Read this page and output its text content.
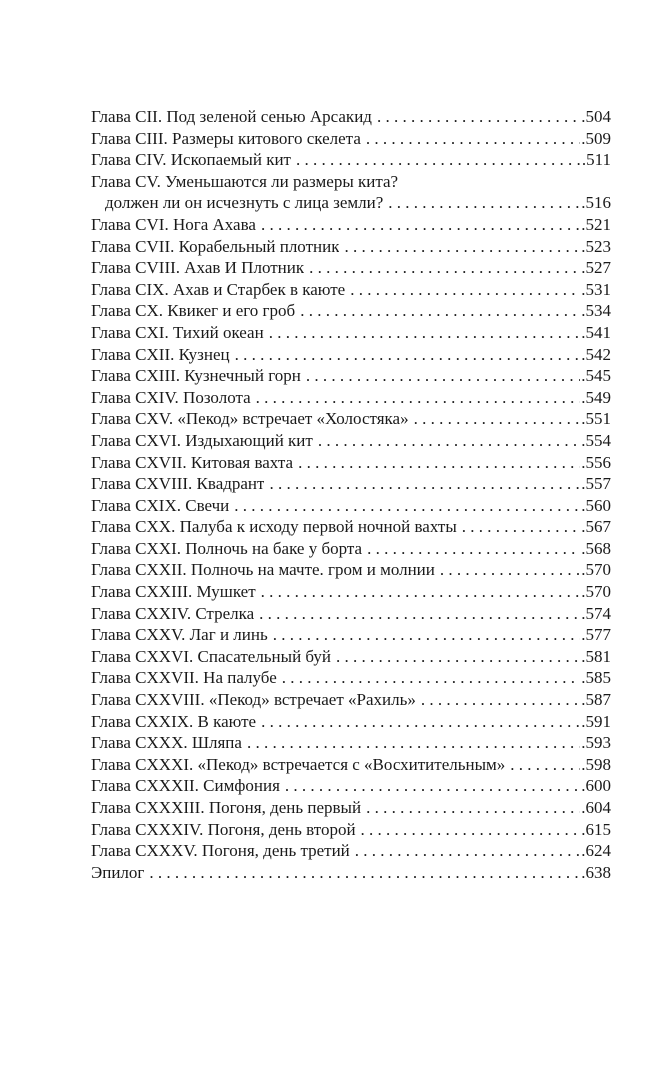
Глава CII. Под зеленой сенью Арсакид . . .	.504
Глава CIII. Размеры китового скелета . . .	.509
Глава CIV. Ископаемый кит . . .	.511
Глава CV. Уменьшаются ли размеры кита?
должен ли он исчезнуть с лица земли? . . .	.516
Глава CVI. Нога Ахава . . .	.521
Глава CVII. Корабельный плотник . . .	.523
Глава CVIII. Ахав И Плотник . . .	.527
Глава CIX. Ахав и Старбек в каюте . . .	.531
Глава CX. Квикег и его гроб . . .	.534
Глава CXI. Тихий океан . . .	.541
Глава CXII. Кузнец . . .	.542
Глава CXIII. Кузнечный горн . . .	.545
Глава CXIV. Позолота . . .	.549
Глава CXV. «Пекод» встречает «Холостяка» . . .	.551
Глава CXVI. Издыхающий кит . . .	.554
Глава CXVII. Китовая вахта . . .	.556
Глава CXVIII. Квадрант . . .	.557
Глава CXIX. Свечи . . .	.560
Глава CXX. Палуба к исходу первой ночной вахты . . .	.567
Глава CXXI. Полночь на баке у борта . . .	.568
Глава CXXII. Полночь на мачте. гром и молнии . . .	.570
Глава CXXIII. Мушкет . . .	.570
Глава CXXIV. Стрелка . . .	.574
Глава CXXV. Лаг и линь . . .	.577
Глава CXXVI. Спасательный буй . . .	.581
Глава CXXVII. На палубе . . .	.585
Глава CXXVIII. «Пекод» встречает «Рахиль» . . .	.587
Глава CXXIX. В каюте . . .	.591
Глава CXXX. Шляпа . . .	.593
Глава CXXXI. «Пекод» встречается с «Восхитительным» . . .	.598
Глава CXXXII. Симфония . . .	.600
Глава CXXXIII. Погоня, день первый . . .	.604
Глава CXXXIV. Погоня, день второй . . .	.615
Глава CXXXV. Погоня, день третий . . .	.624
Эпилог . . .	.638
